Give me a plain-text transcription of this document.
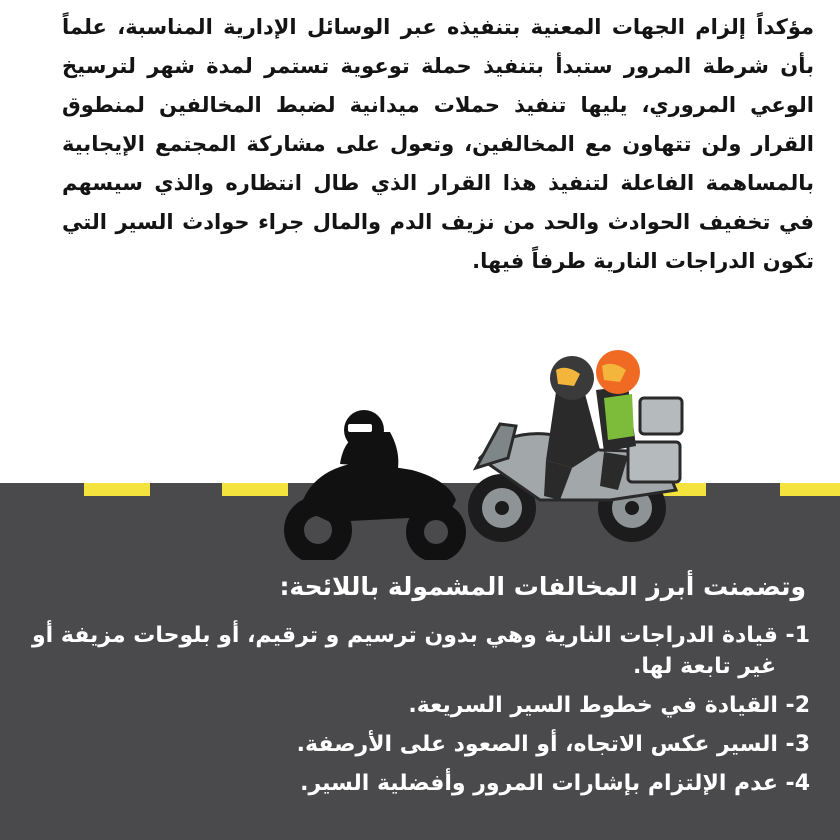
مؤكداً إلزام الجهات المعنية بتنفيذه عبر الوسائل الإدارية المناسبة، علماً بأن شرطة المرور ستبدأ بتنفيذ حملة توعوية تستمر لمدة شهر لترسيخ الوعي المروري، يليها تنفيذ حملات ميدانية لضبط المخالفين لمنطوق القرار ولن تتهاون مع المخالفين، وتعول على مشاركة المجتمع الإيجابية بالمساهمة الفاعلة لتنفيذ هذا القرار الذي طال انتظاره والذي سيسهم في تخفيف الحوادث والحد من نزيف الدم والمال جراء حوادث السير التي تكون الدراجات النارية طرفاً فيها.

وتضمنت أبرز المخالفات المشمولة باللائحة:
1- قيادة الدراجات النارية وهي بدون ترسيم و ترقيم، أو بلوحات مزيفة أو غير تابعة لها.
2- القيادة في خطوط السير السريعة.
3- السير عكس الاتجاه، أو الصعود على الأرصفة.
4- عدم الإلتزام بإشارات المرور وأفضلية السير.
